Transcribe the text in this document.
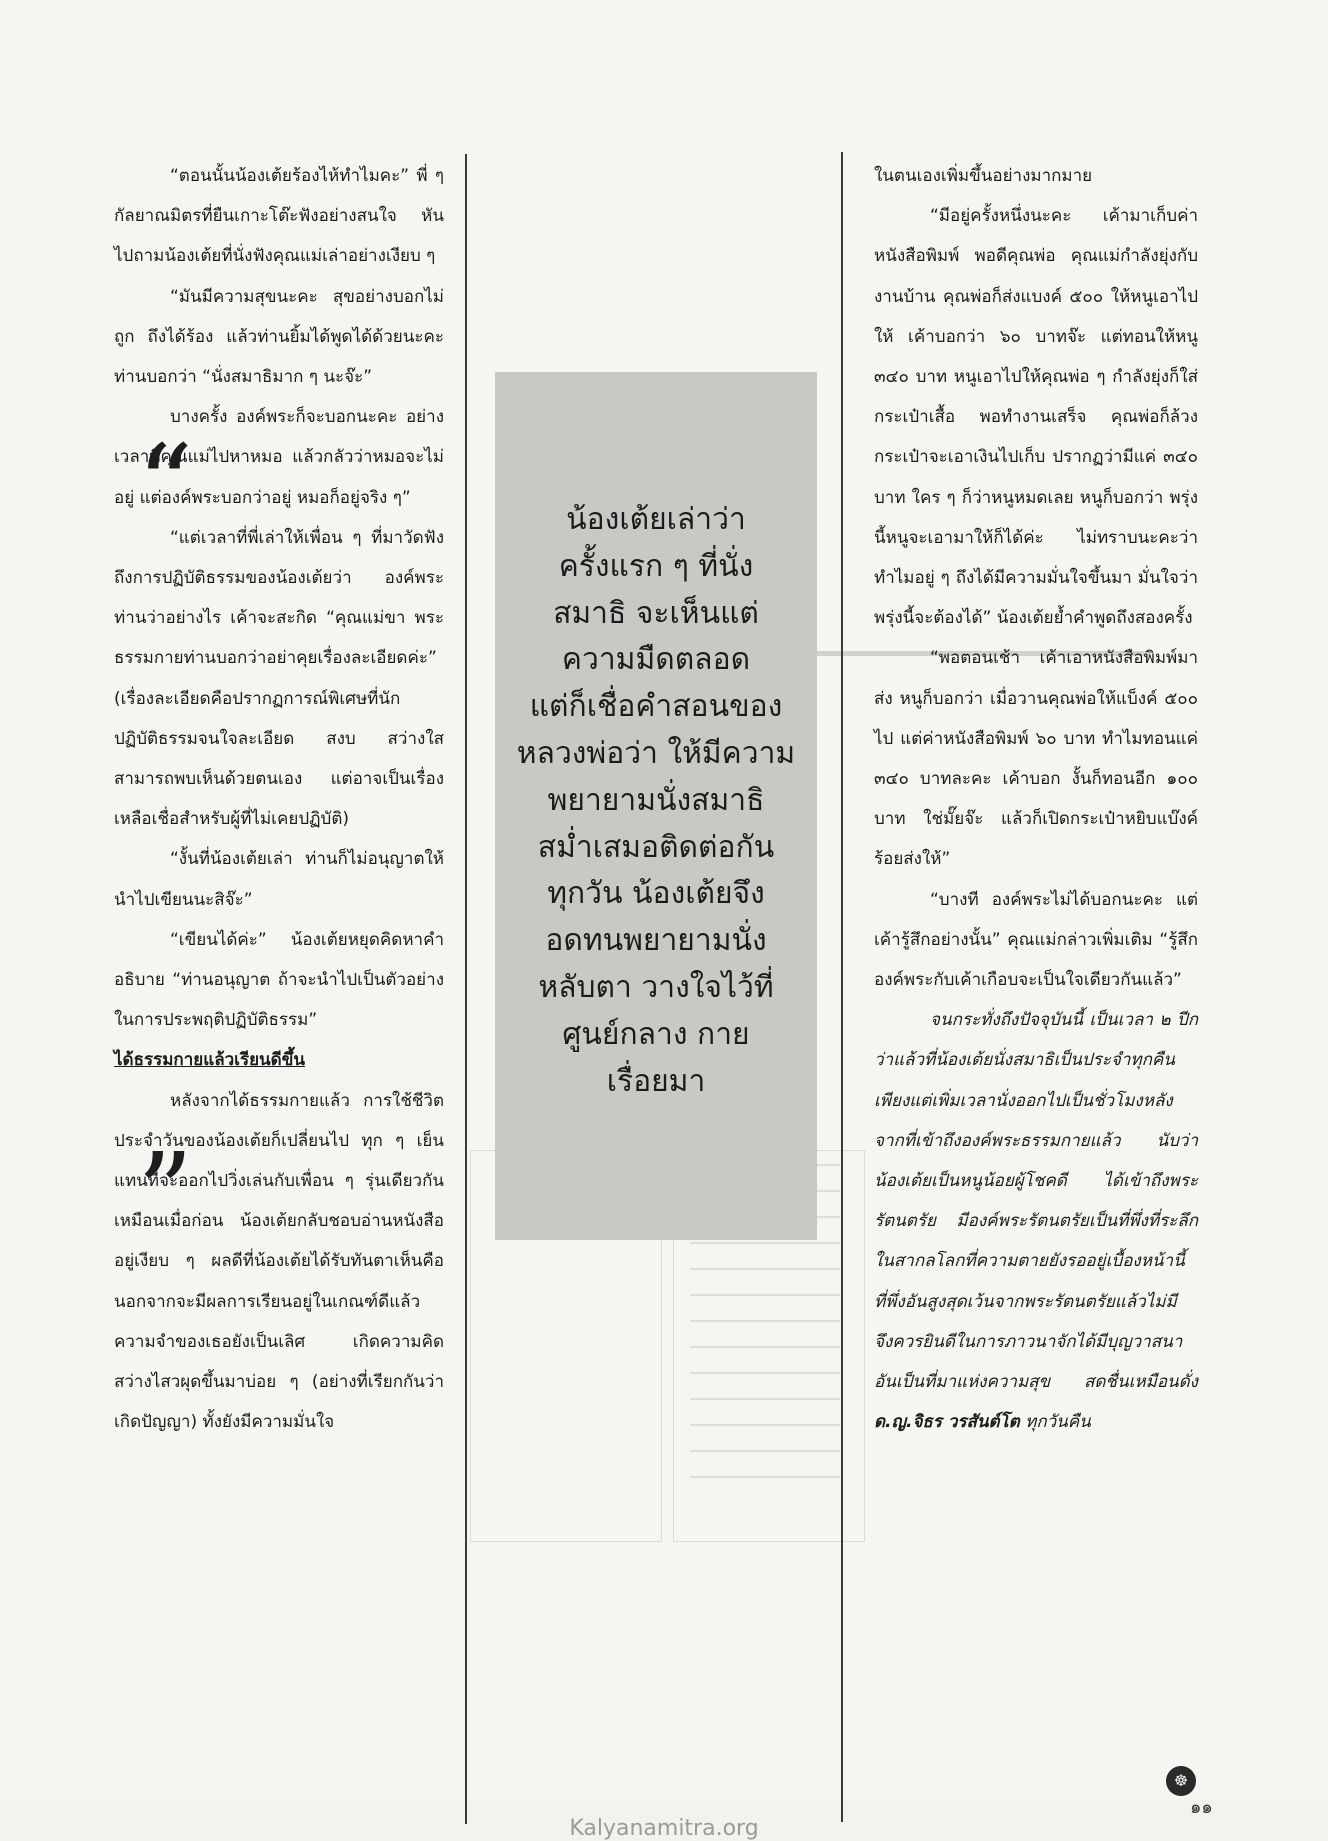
“ตอนนั้นน้องเต้ยร้องไห้ทำไมคะ” พี่ ๆ กัลยาณมิตรที่ยืนเกาะโต๊ะฟังอย่างสนใจ หันไปถามน้องเต้ยที่นั่งฟังคุณแม่เล่าอย่างเงียบ ๆ

“มันมีความสุขนะคะ สุขอย่างบอกไม่ถูก ถึงได้ร้อง แล้วท่านยิ้มได้พูดได้ด้วยนะคะ ท่านบอกว่า “นั่งสมาธิมาก ๆ นะจ๊ะ”

บางครั้ง องค์พระก็จะบอกนะคะ อย่างเวลาที่คุณแม่ไปหาหมอ แล้วกลัวว่าหมอจะไม่อยู่ แต่องค์พระบอกว่าอยู่ หมอก็อยู่จริง ๆ”

“แต่เวลาที่พี่เล่าให้เพื่อน ๆ ที่มาวัดฟังถึงการปฏิบัติธรรมของน้องเต้ยว่า องค์พระท่านว่าอย่างไร เค้าจะสะกิด “คุณแม่ขา พระธรรมกายท่านบอกว่าอย่าคุยเรื่องละเอียดค่ะ” (เรื่องละเอียดคือปรากฏการณ์พิเศษที่นักปฏิบัติธรรมจนใจละเอียด สงบ สว่างใส สามารถพบเห็นด้วยตนเอง แต่อาจเป็นเรื่องเหลือเชื่อสำหรับผู้ที่ไม่เคยปฏิบัติ)

“งั้นที่น้องเต้ยเล่า ท่านก็ไม่อนุญาตให้นำไปเขียนนะสิจ๊ะ”

“เขียนได้ค่ะ” น้องเต้ยหยุดคิดหาคำอธิบาย “ท่านอนุญาต ถ้าจะนำไปเป็นตัวอย่างในการประพฤติปฏิบัติธรรม”

ได้ธรรมกายแล้วเรียนดีขึ้น

หลังจากได้ธรรมกายแล้ว การใช้ชีวิตประจำวันของน้องเต้ยก็เปลี่ยนไป ทุก ๆ เย็น แทนที่จะออกไปวิ่งเล่นกับเพื่อน ๆ รุ่นเดียวกันเหมือนเมื่อก่อน น้องเต้ยกลับชอบอ่านหนังสืออยู่เงียบ ๆ ผลดีที่น้องเต้ยได้รับทันตาเห็นคือ นอกจากจะมีผลการเรียนอยู่ในเกณฑ์ดีแล้ว ความจำของเธอยังเป็นเลิศ เกิดความคิดสว่างไสวผุดขึ้นมาบ่อย ๆ (อย่างที่เรียกกันว่า เกิดปัญญา) ทั้งยังมีความมั่นใจ

“	น้องเต้ยเล่าว่า
ครั้งแรก ๆ ที่นั่ง
สมาธิ จะเห็นแต่
ความมืดตลอด
แต่ก็เชื่อคำสอนของ
หลวงพ่อว่า ให้มีความ
พยายามนั่งสมาธิ
สม่ำเสมอติดต่อกัน
ทุกวัน น้องเต้ยจึง
อดทนพยายามนั่ง
หลับตา วางใจไว้ที่
ศูนย์กลาง กาย
เรื่อยมา
”

ในตนเองเพิ่มขึ้นอย่างมากมาย

“มีอยู่ครั้งหนึ่งนะคะ เค้ามาเก็บค่าหนังสือพิมพ์ พอดีคุณพ่อ คุณแม่กำลังยุ่งกับงานบ้าน คุณพ่อก็ส่งแบงค์ ๕๐๐ ให้หนูเอาไปให้ เค้าบอกว่า ๖๐ บาทจ๊ะ แต่ทอนให้หนู ๓๔๐ บาท หนูเอาไปให้คุณพ่อ ๆ กำลังยุ่งก็ใส่กระเป๋าเสื้อ พอทำงานเสร็จ คุณพ่อก็ล้วงกระเป๋าจะเอาเงินไปเก็บ ปรากฏว่ามีแค่ ๓๔๐ บาท ใคร ๆ ก็ว่าหนูหมดเลย หนูก็บอกว่า พรุ่งนี้หนูจะเอามาให้ก็ได้ค่ะ ไม่ทราบนะคะว่าทำไมอยู่ ๆ ถึงได้มีความมั่นใจขึ้นมา มั่นใจว่า พรุ่งนี้จะต้องได้” น้องเต้ยย้ำคำพูดถึงสองครั้ง

“พอตอนเช้า เค้าเอาหนังสือพิมพ์มาส่ง หนูก็บอกว่า เมื่อวานคุณพ่อให้แบ็งค์ ๕๐๐ ไป แต่ค่าหนังสือพิมพ์ ๖๐ บาท ทำไมทอนแค่ ๓๔๐ บาทละคะ เค้าบอก งั้นก็ทอนอีก ๑๐๐ บาท ใช่มั๊ยจ๊ะ แล้วก็เปิดกระเป๋าหยิบแบ๊งค์ร้อยส่งให้”

“บางที องค์พระไม่ได้บอกนะคะ แต่เค้ารู้สึกอย่างนั้น” คุณแม่กล่าวเพิ่มเติม “รู้สึกองค์พระกับเค้าเกือบจะเป็นใจเดียวกันแล้ว”

จนกระทั่งถึงปัจจุบันนี้ เป็นเวลา ๒ ปีกว่าแล้วที่น้องเต้ยนั่งสมาธิเป็นประจำทุกคืน เพียงแต่เพิ่มเวลานั่งออกไปเป็นชั่วโมงหลังจากที่เข้าถึงองค์พระธรรมกายแล้ว นับว่า น้องเต้ยเป็นหนูน้อยผู้โชคดี ได้เข้าถึงพระรัตนตรัย มีองค์พระรัตนตรัยเป็นที่พึ่งที่ระลึกในสากลโลกที่ความตายยังรออยู่เบื้องหน้านี้ ที่พึ่งอันสูงสุดเว้นจากพระรัตนตรัยแล้วไม่มี จึงควรยินดีในการภาวนาจักได้มีบุญวาสนาอันเป็นที่มาแห่งความสุข สดชื่นเหมือนดั่ง ด.ญ.จิธร วรสันต์โต ทุกวันคืน

☸
๑๑
Kalyanamitra.org
